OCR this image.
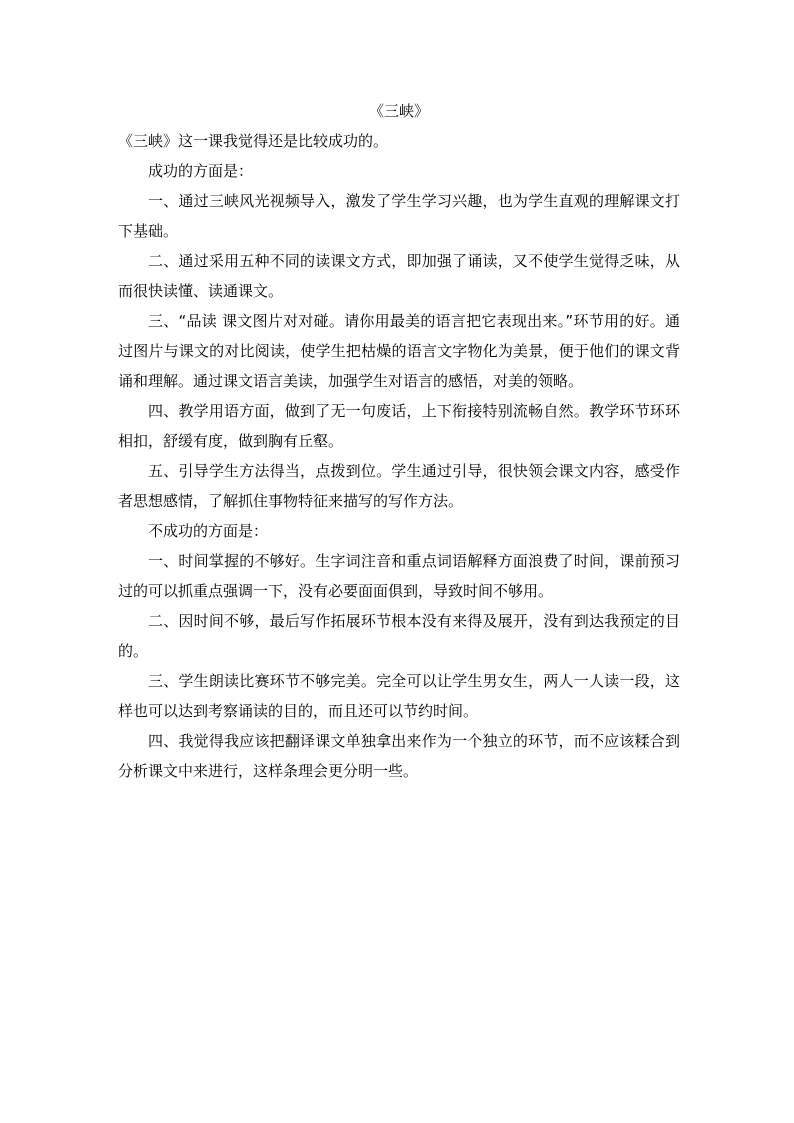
《三峡》

《三峡》这一课我觉得还是比较成功的。

成功的方面是：

一、通过三峡风光视频导入，激发了学生学习兴趣，也为学生直观的理解课文打下基础。

二、通过采用五种不同的读课文方式，即加强了诵读，又不使学生觉得乏味，从而很快读懂、读通课文。

三、“品读 课文图片对对碰。请你用最美的语言把它表现出来。”环节用的好。通过图片与课文的对比阅读，使学生把枯燥的语言文字物化为美景，便于他们的课文背诵和理解。通过课文语言美读，加强学生对语言的感悟，对美的领略。

四、教学用语方面，做到了无一句废话，上下衔接特别流畅自然。教学环节环环相扣，舒缓有度，做到胸有丘壑。

五、引导学生方法得当，点拨到位。学生通过引导，很快领会课文内容，感受作者思想感情，了解抓住事物特征来描写的写作方法。

不成功的方面是：

一、时间掌握的不够好。生字词注音和重点词语解释方面浪费了时间，课前预习过的可以抓重点强调一下，没有必要面面俱到，导致时间不够用。

二、因时间不够，最后写作拓展环节根本没有来得及展开，没有到达我预定的目的。

三、学生朗读比赛环节不够完美。完全可以让学生男女生，两人一人读一段，这样也可以达到考察诵读的目的，而且还可以节约时间。

四、我觉得我应该把翻译课文单独拿出来作为一个独立的环节，而不应该糅合到分析课文中来进行，这样条理会更分明一些。
